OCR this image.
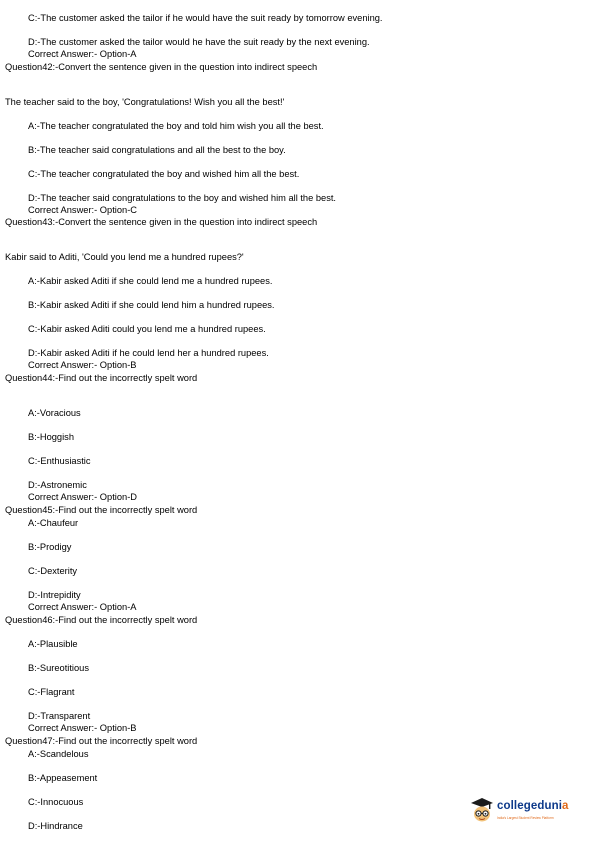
C:-The customer asked the tailor if he would have the suit ready by tomorrow evening.
D:-The customer asked the tailor would he have the suit ready by the next evening.
Correct Answer:- Option-A
Question42:-Convert the sentence given in the question into indirect speech
The teacher said to the boy, 'Congratulations! Wish you all the best!'
A:-The teacher congratulated the boy and told him wish you all the best.
B:-The teacher said congratulations and all the best to the boy.
C:-The teacher congratulated the boy and wished him all the best.
D:-The teacher said congratulations to the boy and wished him all the best.
Correct Answer:- Option-C
Question43:-Convert the sentence given in the question into indirect speech
Kabir said to Aditi, 'Could you lend me a hundred rupees?'
A:-Kabir asked Aditi if she could lend me a hundred rupees.
B:-Kabir asked Aditi if she could lend him a hundred rupees.
C:-Kabir asked Aditi could you lend me a hundred rupees.
D:-Kabir asked Aditi if he could lend her a hundred rupees.
Correct Answer:- Option-B
Question44:-Find out the incorrectly spelt word
A:-Voracious
B:-Hoggish
C:-Enthusiastic
D:-Astronemic
Correct Answer:- Option-D
Question45:-Find out the incorrectly spelt word
A:-Chaufeur
B:-Prodigy
C:-Dexterity
D:-Intrepidity
Correct Answer:- Option-A
Question46:-Find out the incorrectly spelt word
A:-Plausible
B:-Sureotitious
C:-Flagrant
D:-Transparent
Correct Answer:- Option-B
Question47:-Find out the incorrectly spelt word
A:-Scandelous
B:-Appeasement
C:-Innocuous
D:-Hindrance
collegedunia
India's Largest Student Review Platform
